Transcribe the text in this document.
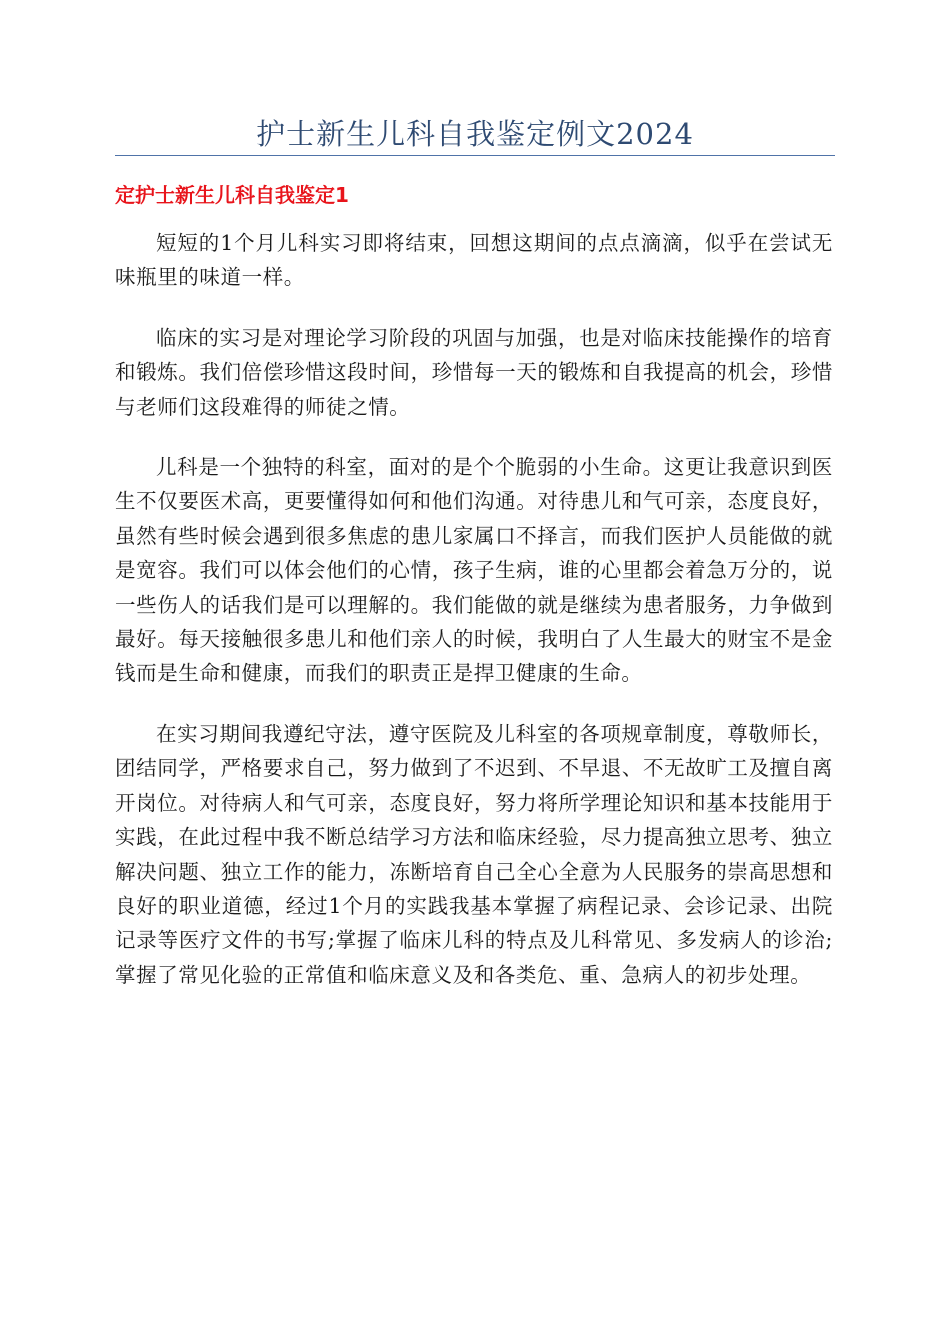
护士新生儿科自我鉴定例文2024
定护士新生儿科自我鉴定1

短短的1个月儿科实习即将结束，回想这期间的点点滴滴，似乎在尝试无味瓶里的味道一样。

临床的实习是对理论学习阶段的巩固与加强，也是对临床技能操作的培育和锻炼。我们倍偿珍惜这段时间，珍惜每一天的锻炼和自我提高的机会，珍惜与老师们这段难得的师徒之情。

儿科是一个独特的科室，面对的是个个脆弱的小生命。这更让我意识到医生不仅要医术高，更要懂得如何和他们沟通。对待患儿和气可亲，态度良好，虽然有些时候会遇到很多焦虑的患儿家属口不择言，而我们医护人员能做的就是宽容。我们可以体会他们的心情，孩子生病，谁的心里都会着急万分的，说一些伤人的话我们是可以理解的。我们能做的就是继续为患者服务，力争做到最好。每天接触很多患儿和他们亲人的时候，我明白了人生最大的财宝不是金钱而是生命和健康，而我们的职责正是捍卫健康的生命。

在实习期间我遵纪守法，遵守医院及儿科室的各项规章制度，尊敬师长，团结同学，严格要求自己，努力做到了不迟到、不早退、不无故旷工及擅自离开岗位。对待病人和气可亲，态度良好，努力将所学理论知识和基本技能用于实践，在此过程中我不断总结学习方法和临床经验，尽力提高独立思考、独立解决问题、独立工作的能力，冻断培育自己全心全意为人民服务的崇高思想和良好的职业道德，经过1个月的实践我基本掌握了病程记录、会诊记录、出院记录等医疗文件的书写;掌握了临床儿科的特点及儿科常见、多发病人的诊治;掌握了常见化验的正常值和临床意义及和各类危、重、急病人的初步处理。
